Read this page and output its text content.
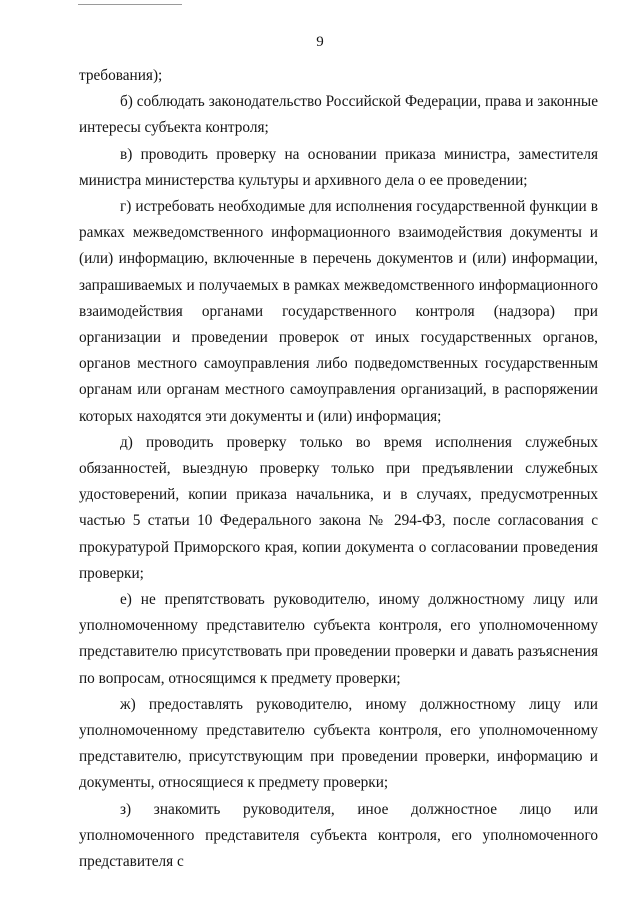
9

требования);

б) соблюдать законодательство Российской Федерации, права и законные интересы субъекта контроля;

в) проводить проверку на основании приказа министра, заместителя министра министерства культуры и архивного дела о ее проведении;

г) истребовать необходимые для исполнения государственной функции в рамках межведомственного информационного взаимодействия документы и (или) информацию, включенные в перечень документов и (или) информации, запрашиваемых и получаемых в рамках межведомственного информационного взаимодействия органами государственного контроля (надзора) при организации и проведении проверок от иных государственных органов, органов местного самоуправления либо подведомственных государственным органам или органам местного самоуправления организаций, в распоряжении которых находятся эти документы и (или) информация;

д) проводить проверку только во время исполнения служебных обязанностей, выездную проверку только при предъявлении служебных удостоверений, копии приказа начальника, и в случаях, предусмотренных частью 5 статьи 10 Федерального закона № 294-ФЗ, после согласования с прокуратурой Приморского края, копии документа о согласовании проведения проверки;

е) не препятствовать руководителю, иному должностному лицу или уполномоченному представителю субъекта контроля, его уполномоченному представителю присутствовать при проведении проверки и давать разъяснения по вопросам, относящимся к предмету проверки;

ж) предоставлять руководителю, иному должностному лицу или уполномоченному представителю субъекта контроля, его уполномоченному представителю, присутствующим при проведении проверки, информацию и документы, относящиеся к предмету проверки;

з) знакомить руководителя, иное должностное лицо или уполномоченного представителя субъекта контроля, его уполномоченного представителя с
